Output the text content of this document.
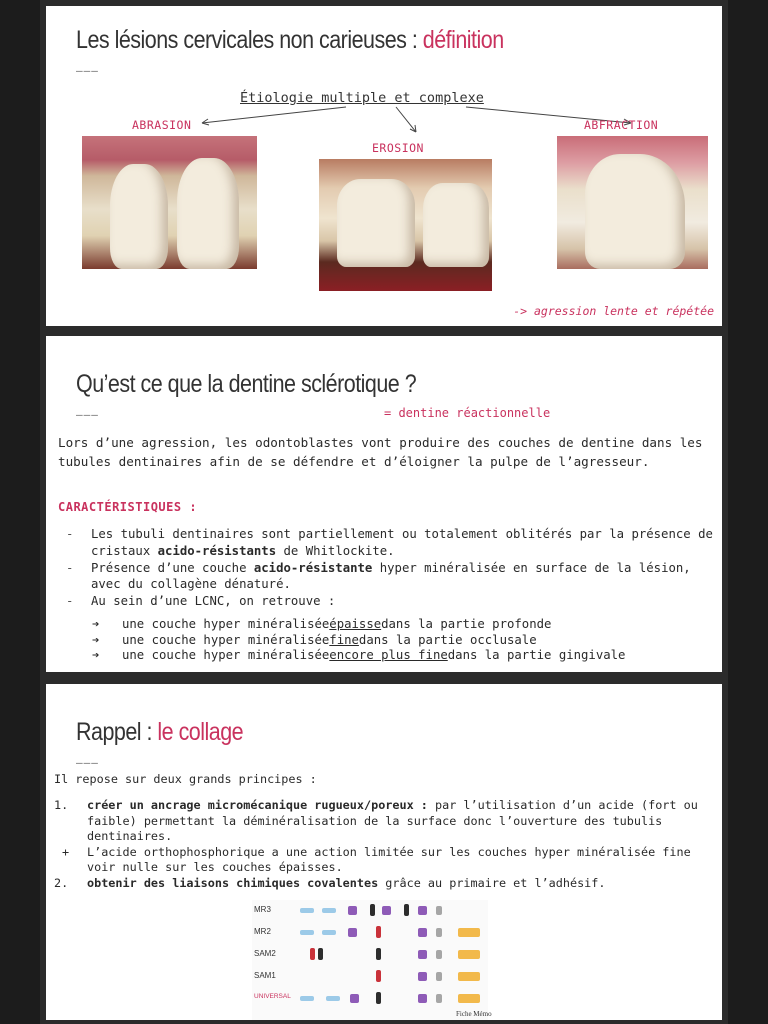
Les lésions cervicales non carieuses : définition
———
Étiologie multiple et complexe
ABRASION
EROSION
ABFRACTION
-> agression lente et répétée
Qu’est ce que la dentine sclérotique ?
———	= dentine réactionnelle
Lors d’une agression, les odontoblastes vont produire des couches de dentine dans les tubules dentinaires afin de se défendre et d’éloigner la pulpe de l’agresseur.
CARACTÉRISTIQUES :
-	Les tubuli dentinaires sont partiellement ou totalement oblitérés par la présence de cristaux acido-résistants de Whitlockite.
-	Présence d’une couche acido-résistante hyper minéralisée en surface de la lésion, avec du collagène dénaturé.
-	Au sein d’une LCNC, on retrouve :
➔	une couche hyper minéralisée épaisse dans la partie profonde
➔	une couche hyper minéralisée fine dans la partie occlusale
➔	une couche hyper minéralisée encore plus fine dans la partie gingivale
Rappel : le collage
———
Il repose sur deux grands principes :
1.	créer un ancrage micromécanique rugueux/poreux : par l’utilisation d’un acide (fort ou faible) permettant la déminéralisation de la surface donc l’ouverture des tubulis dentinaires.
+	L’acide orthophosphorique a une action limitée sur les couches hyper minéralisée fine voir nulle sur les couches épaisses.
2.	obtenir des liaisons chimiques covalentes grâce au primaire et l’adhésif.
MR3
MR2
SAM2
SAM1
UNIVERSAL
Fiche Mémo
